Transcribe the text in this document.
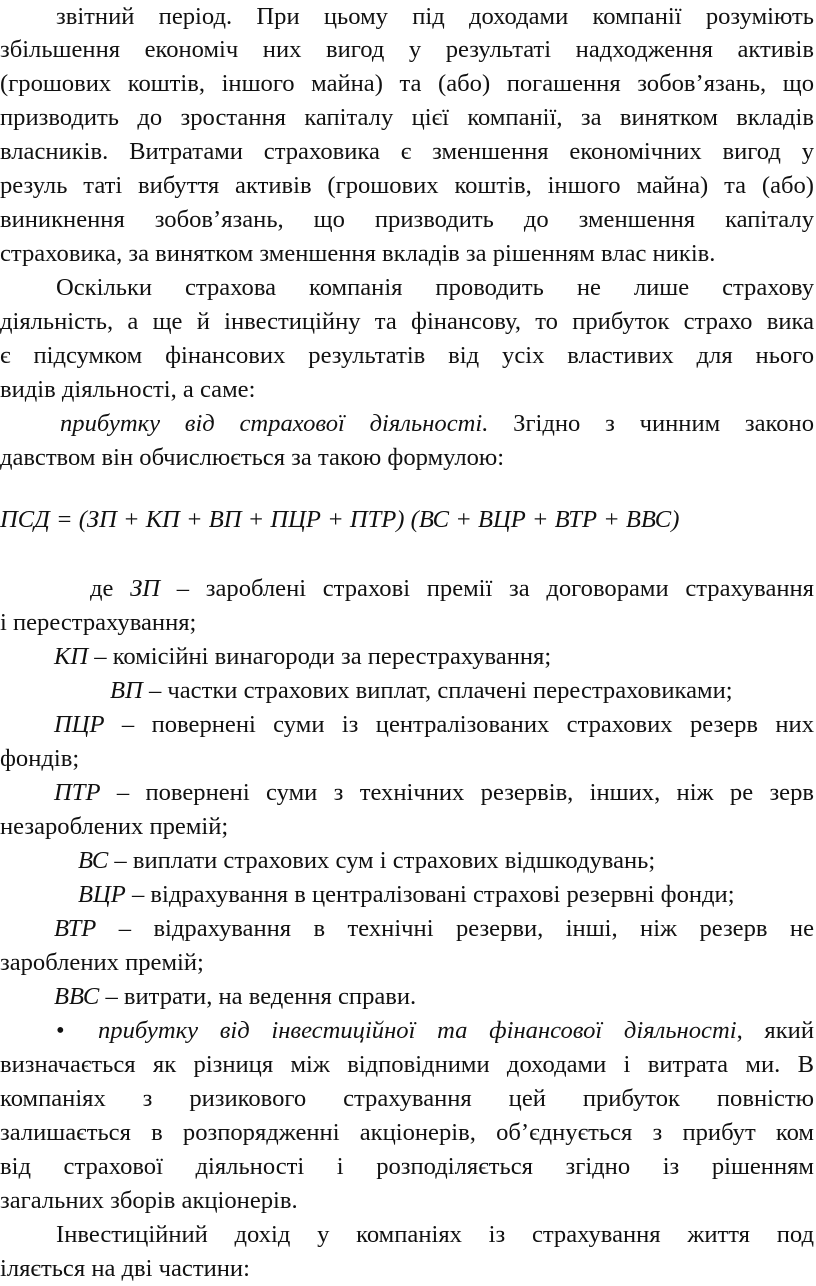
звітний період. При цьому під доходами компанії розуміють
збільшення економіч них вигод у результаті надходження активів
(грошових коштів, іншого майна) та (або) погашення зобов’язань, що
призводить до зростання капіталу цієї компанії, за винятком вкладів
власників. Витратами страховика є зменшення економічних вигод у
резуль таті вибуття активів (грошових коштів, іншого майна) та (або)
виникнення зобов’язань, що призводить до зменшення капіталу
страховика, за винятком зменшення вкладів за рішенням влас ників.
Оскільки страхова компанія проводить не лише страхову
діяльність, а ще й інвестиційну та фінансову, то прибуток страхо вика
є підсумком фінансових результатів від усіх властивих для нього
видів діяльності, а саме:
прибутку від страхової діяльності. Згідно з чинним законо
давством він обчислюється за такою формулою:
ПСД = (ЗП + КП + ВП + ПЦР + ПТР) (ВС + ВЦР + ВТР + ВВС)
де ЗП – зароблені страхові премії за договорами страхування
і перестрахування;
КП – комісійні винагороди за перестрахування;
ВП – частки страхових виплат, сплачені перестраховиками;
ПЦР – повернені суми із централізованих страхових резерв них
фондів;
ПТР – повернені суми з технічних резервів, інших, ніж ре зерв
незароблених премій;
ВС – виплати страхових сум і страхових відшкодувань;
ВЦР – відрахування в централізовані страхові резервні фонди;
ВТР – відрахування в технічні резерви, інші, ніж резерв не
зароблених премій;
ВВС – витрати, на ведення справи.
•	прибутку від інвестиційної та фінансової діяльності, який
визначається як різниця між відповідними доходами і витрата ми. В
компаніях з ризикового страхування цей прибуток повністю
залишається в розпорядженні акціонерів, об’єднується з прибут ком
від страхової діяльності і розподіляється згідно із рішенням
загальних зборів акціонерів.
Інвестиційний дохід у компаніях із страхування життя под
іляється на дві частини:
